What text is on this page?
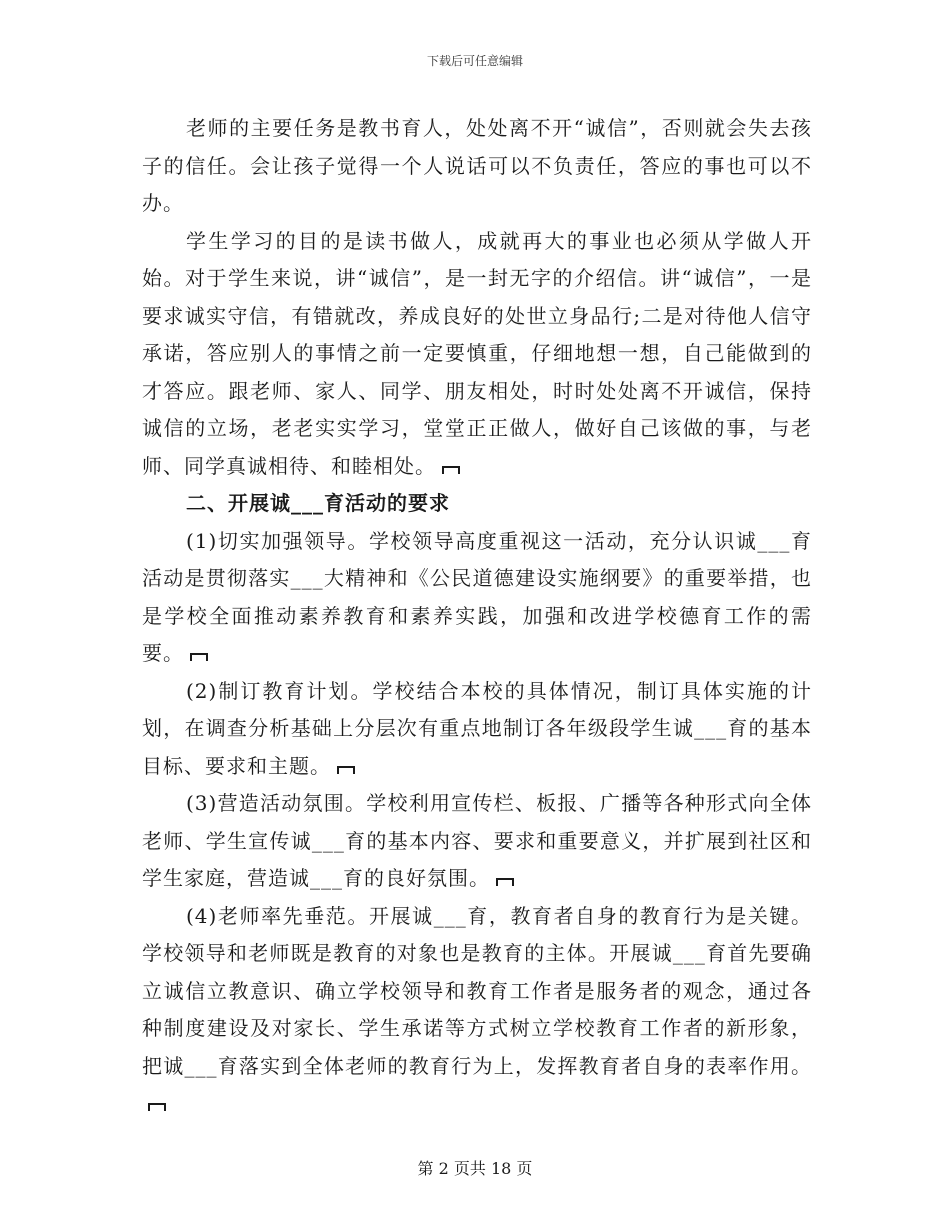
下载后可任意编辑

老师的主要任务是教书育人，处处离不开“诚信”，否则就会失去孩子的信任。会让孩子觉得一个人说话可以不负责任，答应的事也可以不办。

学生学习的目的是读书做人，成就再大的事业也必须从学做人开始。对于学生来说，讲“诚信”，是一封无字的介绍信。讲“诚信”，一是要求诚实守信，有错就改，养成良好的处世立身品行;二是对待他人信守承诺，答应别人的事情之前一定要慎重，仔细地想一想，自己能做到的才答应。跟老师、家人、同学、朋友相处，时时处处离不开诚信，保持诚信的立场，老老实实学习，堂堂正正做人，做好自己该做的事，与老师、同学真诚相待、和睦相处。

二、开展诚___育活动的要求

(1)切实加强领导。学校领导高度重视这一活动，充分认识诚___育活动是贯彻落实___大精神和《公民道德建设实施纲要》的重要举措，也是学校全面推动素养教育和素养实践，加强和改进学校德育工作的需要。

(2)制订教育计划。学校结合本校的具体情况，制订具体实施的计划，在调查分析基础上分层次有重点地制订各年级段学生诚___育的基本目标、要求和主题。

(3)营造活动氛围。学校利用宣传栏、板报、广播等各种形式向全体老师、学生宣传诚___育的基本内容、要求和重要意义，并扩展到社区和学生家庭，营造诚___育的良好氛围。

(4)老师率先垂范。开展诚___育，教育者自身的教育行为是关键。学校领导和老师既是教育的对象也是教育的主体。开展诚___育首先要确立诚信立教意识、确立学校领导和教育工作者是服务者的观念，通过各种制度建设及对家长、学生承诺等方式树立学校教育工作者的新形象，把诚___育落实到全体老师的教育行为上，发挥教育者自身的表率作用。

第 2 页共 18 页
